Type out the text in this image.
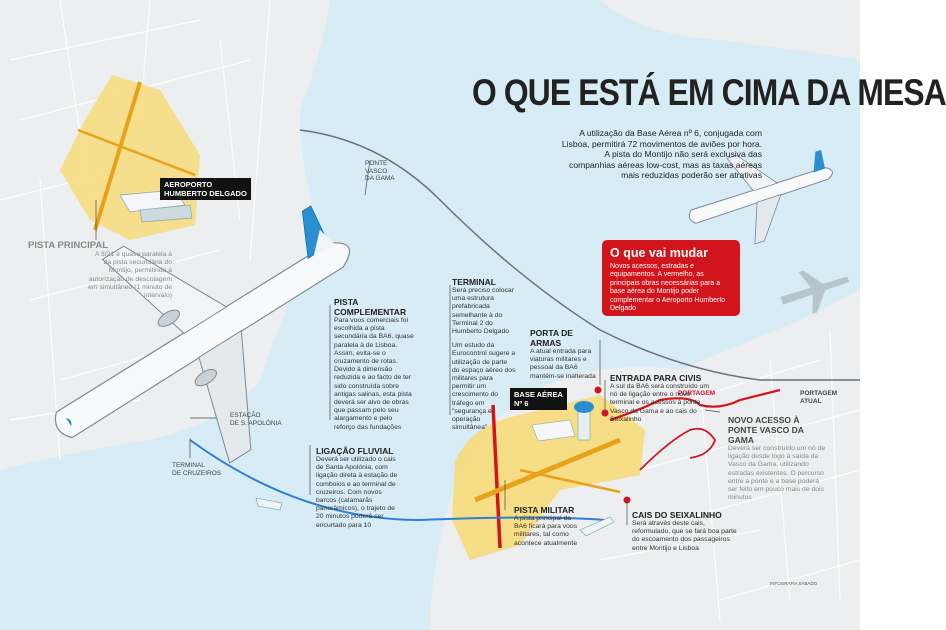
O QUE ESTÁ EM CIMA DA MESA
A utilização da Base Aérea nº 6, conjugada com
Lisboa, permitirá 72 movimentos de aviões por hora.
A pista do Montijo não será exclusiva das
companhias aéreas low-cost, mas as taxas aéreas
mais reduzidas poderão ser atrativas
O que vai mudar
Novos acessos, estradas e equipamentos. A vermelho, as principais obras necessárias para a base aérea do Montijo poder complementar o Aeroporto Humberto Delgado
AEROPORTO
HUMBERTO DELGADO
BASE AÉREA
Nº 6
PONTE
VASCO
DA GAMA
PORTAGEM	PORTAGEM
ATUAL
ESTAÇÃO
DE S. APOLÓNIA
TERMINAL
DE CRUZEIROS
PISTA PRINCIPAL
A 3/21 é quase paralela à da pista secundária do Montijo, permitindo a autorização de descolagem em simultâneo (1 minuto de intervalo)
PISTA COMPLEMENTAR
Para voos comerciais foi escolhida a pista secundária da BA6, quase paralela à de Lisboa. Assim, evita-se o cruzamento de rotas. Devido à dimensão reduzida e ao facto de ter sido construída sobre antigas salinas, esta pista deverá ser alvo de obras que passam pelo seu alargamento e pelo reforço das fundações
TERMINAL
Será preciso colocar uma estrutura prefabricada semelhante à do Terminal 2 do Humberto Delgado
Um estudo da Eurocontrol sugere a utilização de parte do espaço aéreo dos militares para permitir um crescimento do tráfego em "segurança e operação simultânea"
PORTA DE ARMAS
A atual entrada para viaturas militares e pessoal da BA6 mantém-se inalterada	ENTRADA PARA CIVIS
A sul da BA6 será construído um nó de ligação entre o novo terminal e os acessos à ponte Vasco da Gama e ao cais do Seixalinho	NOVO ACESSO À PONTE VASCO DA GAMA
Deverá ser construído um nó de ligação desde logo à saída da Vasco da Gama, utilizando estradas existentes. O percurso entre a ponte e a base poderá ser feito em pouco mais de dois minutos
LIGAÇÃO FLUVIAL
Deverá ser utilizado o cais de Santa Apolónia, com ligação direta à estação de comboios e ao terminal de cruzeiros. Com novos barcos (catamarãs panorâmicos), o trajeto de 20 minutos poderá ser encurtado para 10
PISTA MILITAR
A pista principal da BA6 ficará para voos militares, tal como acontece atualmente
CAIS DO SEIXALINHO
Será através deste cais, reformulado, que se fará boa parte do escoamento dos passageiros entre Montijo e Lisboa
INFOGRAFIA SÁBADO
